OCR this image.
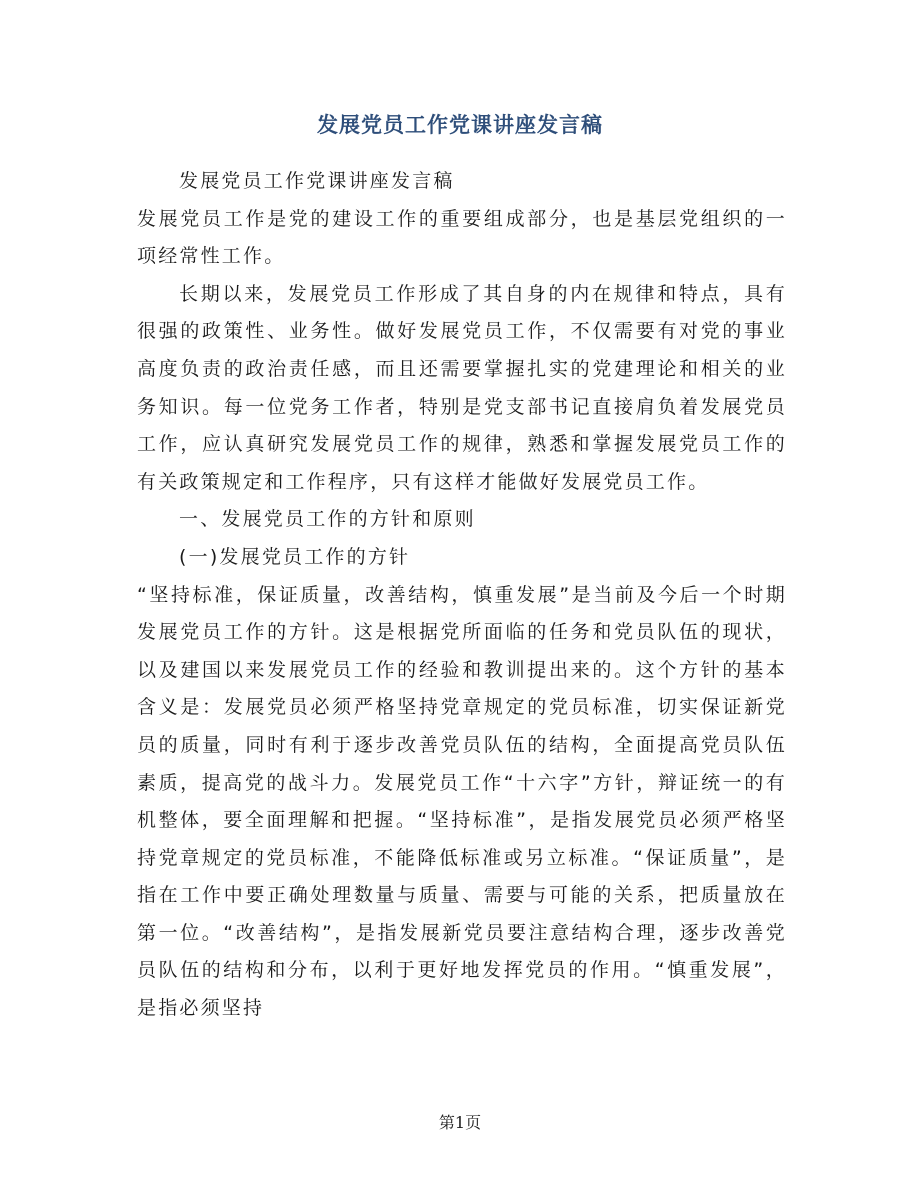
发展党员工作党课讲座发言稿

发展党员工作党课讲座发言稿

发展党员工作是党的建设工作的重要组成部分，也是基层党组织的一项经常性工作。

长期以来，发展党员工作形成了其自身的内在规律和特点，具有很强的政策性、业务性。做好发展党员工作，不仅需要有对党的事业高度负责的政治责任感，而且还需要掌握扎实的党建理论和相关的业务知识。每一位党务工作者，特别是党支部书记直接肩负着发展党员工作，应认真研究发展党员工作的规律，熟悉和掌握发展党员工作的有关政策规定和工作程序，只有这样才能做好发展党员工作。

一、发展党员工作的方针和原则

(一)发展党员工作的方针

“坚持标准，保证质量，改善结构，慎重发展”是当前及今后一个时期发展党员工作的方针。这是根据党所面临的任务和党员队伍的现状，以及建国以来发展党员工作的经验和教训提出来的。这个方针的基本含义是：发展党员必须严格坚持党章规定的党员标准，切实保证新党员的质量，同时有利于逐步改善党员队伍的结构，全面提高党员队伍素质，提高党的战斗力。发展党员工作“十六字”方针，辩证统一的有机整体，要全面理解和把握。“坚持标准”，是指发展党员必须严格坚持党章规定的党员标准，不能降低标准或另立标准。“保证质量”，是指在工作中要正确处理数量与质量、需要与可能的关系，把质量放在第一位。“改善结构”，是指发展新党员要注意结构合理，逐步改善党员队伍的结构和分布，以利于更好地发挥党员的作用。“慎重发展”，是指必须坚持

第1页
